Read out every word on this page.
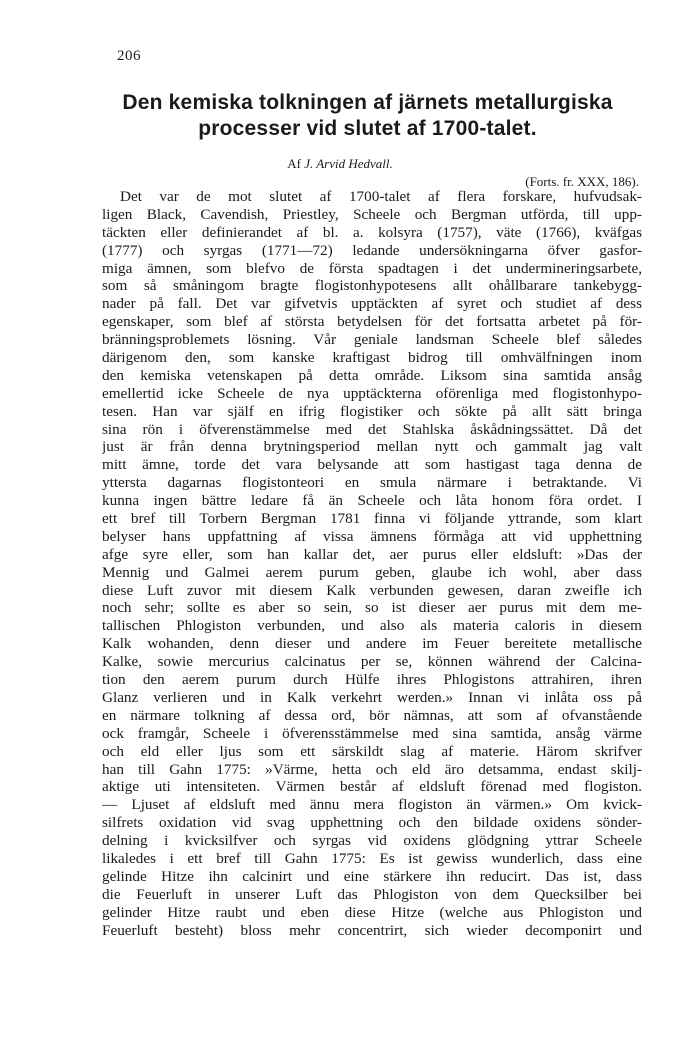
206
Den kemiska tolkningen af järnets metallurgiska
processer vid slutet af 1700-talet.
Af J. Arvid Hedvall.
(Forts. fr. XXX, 186).
Det var de mot slutet af 1700-talet af flera forskare, hufvudsak-
ligen Black, Cavendish, Priestley, Scheele och Bergman utförda, till upp-
täckten eller definierandet af bl. a. kolsyra (1757), väte (1766), kväfgas
(1777) och syrgas (1771—72) ledande undersökningarna öfver gasfor-
miga ämnen, som blefvo de första spadtagen i det undermineringsarbete,
som så småningom bragte flogistonhypotesens allt ohållbarare tankebygg-
nader på fall. Det var gifvetvis upptäckten af syret och studiet af dess
egenskaper, som blef af största betydelsen för det fortsatta arbetet på för-
bränningsproblemets lösning. Vår geniale landsman Scheele blef således
därigenom den, som kanske kraftigast bidrog till omhvälfningen inom
den kemiska vetenskapen på detta område. Liksom sina samtida ansåg
emellertid icke Scheele de nya upptäckterna oförenliga med flogistonhypo-
tesen. Han var själf en ifrig flogistiker och sökte på allt sätt bringa
sina rön i öfverenstämmelse med det Stahlska åskådningssättet. Då det
just är från denna brytningsperiod mellan nytt och gammalt jag valt
mitt ämne, torde det vara belysande att som hastigast taga denna de
yttersta dagarnas flogistonteori en smula närmare i betraktande. Vi
kunna ingen bättre ledare få än Scheele och låta honom föra ordet. I
ett bref till Torbern Bergman 1781 finna vi följande yttrande, som klart
belyser hans uppfattning af vissa ämnens förmåga att vid upphettning
afge syre eller, som han kallar det, aer purus eller eldsluft: »Das der
Mennig und Galmei aerem purum geben, glaube ich wohl, aber dass
diese Luft zuvor mit diesem Kalk verbunden gewesen, daran zweifle ich
noch sehr; sollte es aber so sein, so ist dieser aer purus mit dem me-
tallischen Phlogiston verbunden, und also als materia caloris in diesem
Kalk wohanden, denn dieser und andere im Feuer bereitete metallische
Kalke, sowie mercurius calcinatus per se, können während der Calcina-
tion den aerem purum durch Hülfe ihres Phlogistons attrahiren, ihren
Glanz verlieren und in Kalk verkehrt werden.» Innan vi inlåta oss på
en närmare tolkning af dessa ord, bör nämnas, att som af ofvanstående
ock framgår, Scheele i öfverensstämmelse med sina samtida, ansåg värme
och eld eller ljus som ett särskildt slag af materie. Härom skrifver
han till Gahn 1775: »Värme, hetta och eld äro detsamma, endast skilj-
aktige uti intensiteten. Värmen består af eldsluft förenad med flogiston.
— Ljuset af eldsluft med ännu mera flogiston än värmen.» Om kvick-
silfrets oxidation vid svag upphettning och den bildade oxidens sönder-
delning i kvicksilfver och syrgas vid oxidens glödgning yttrar Scheele
likaledes i ett bref till Gahn 1775: Es ist gewiss wunderlich, dass eine
gelinde Hitze ihn calcinirt und eine stärkere ihn reducirt. Das ist, dass
die Feuerluft in unserer Luft das Phlogiston von dem Quecksilber bei
gelinder Hitze raubt und eben diese Hitze (welche aus Phlogiston und
Feuerluft besteht) bloss mehr concentrirt, sich wieder decomponirt und
